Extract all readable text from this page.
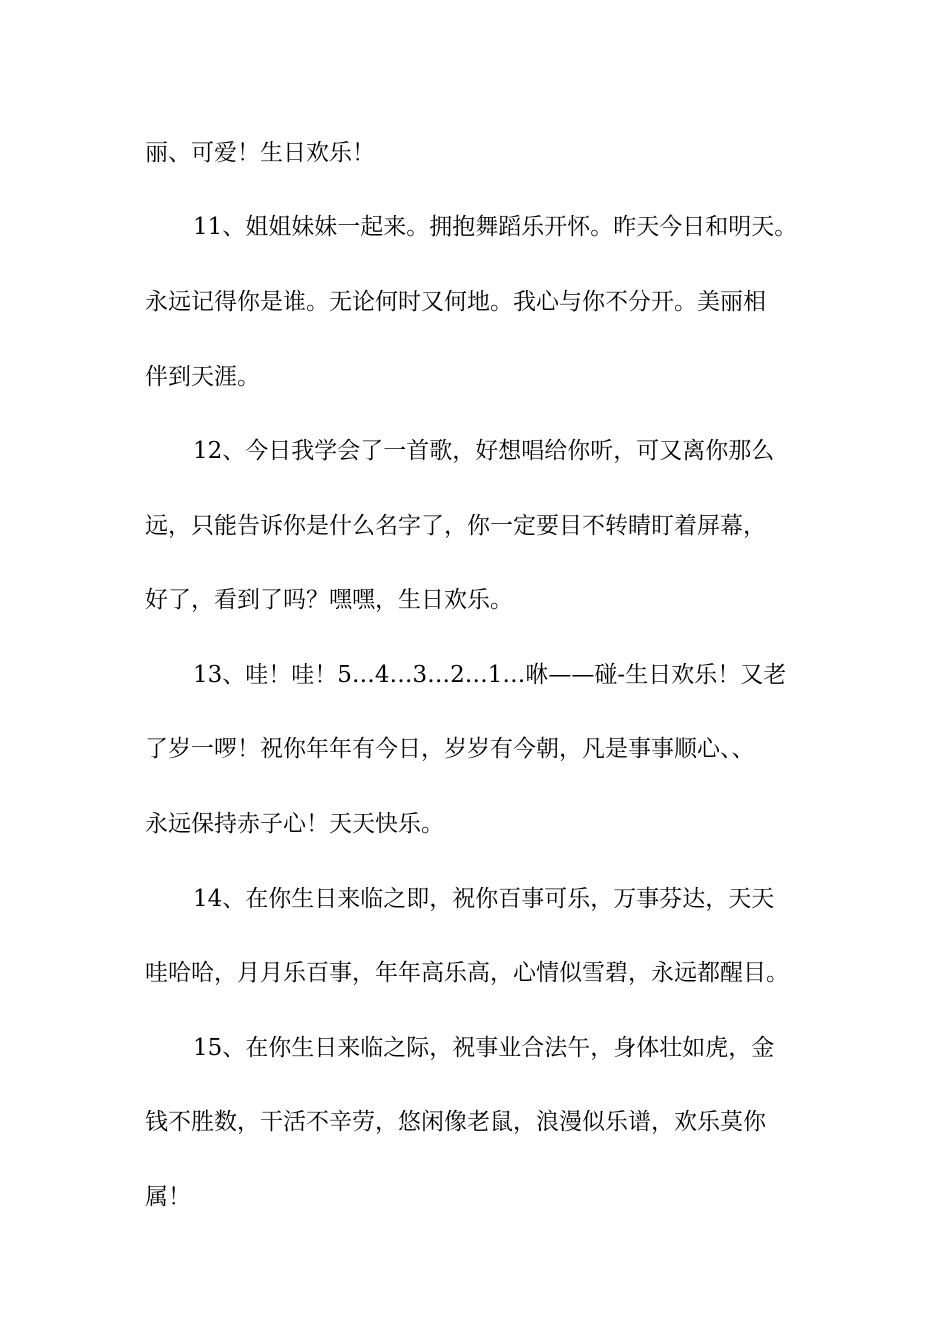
丽、可爱！生日欢乐！

11、姐姐妹妹一起来。拥抱舞蹈乐开怀。昨天今日和明天。

永远记得你是谁。无论何时又何地。我心与你不分开。美丽相

伴到天涯。

12、今日我学会了一首歌，好想唱给你听，可又离你那么

远，只能告诉你是什么名字了，你一定要目不转睛盯着屏幕，

好了，看到了吗？嘿嘿，生日欢乐。

13、哇！哇！5…4…3…2…1…咻——碰-生日欢乐！又老

了岁一啰！祝你年年有今日，岁岁有今朝，凡是事事顺心、、

永远保持赤子心！天天快乐。

14、在你生日来临之即，祝你百事可乐，万事芬达，天天

哇哈哈，月月乐百事，年年高乐高，心情似雪碧，永远都醒目。

15、在你生日来临之际，祝事业合法午，身体壮如虎，金

钱不胜数，干活不辛劳，悠闲像老鼠，浪漫似乐谱，欢乐莫你

属！
